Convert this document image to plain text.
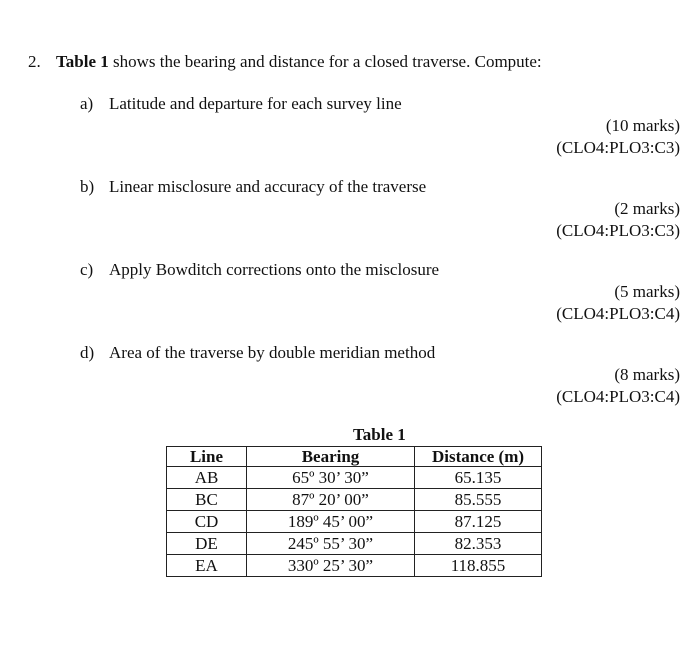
2. Table 1 shows the bearing and distance for a closed traverse. Compute:
a) Latitude and departure for each survey line
(10 marks)
(CLO4:PLO3:C3)
b) Linear misclosure and accuracy of the traverse
(2 marks)
(CLO4:PLO3:C3)
c) Apply Bowditch corrections onto the misclosure
(5 marks)
(CLO4:PLO3:C4)
d) Area of the traverse by double meridian method
(8 marks)
(CLO4:PLO3:C4)
Table 1
Line	Bearing	Distance (m)
AB	65º 30’ 30”	65.135
BC	87º 20’ 00”	85.555
CD	189º 45’ 00”	87.125
DE	245º 55’ 30”	82.353
EA	330º 25’ 30”	118.855
